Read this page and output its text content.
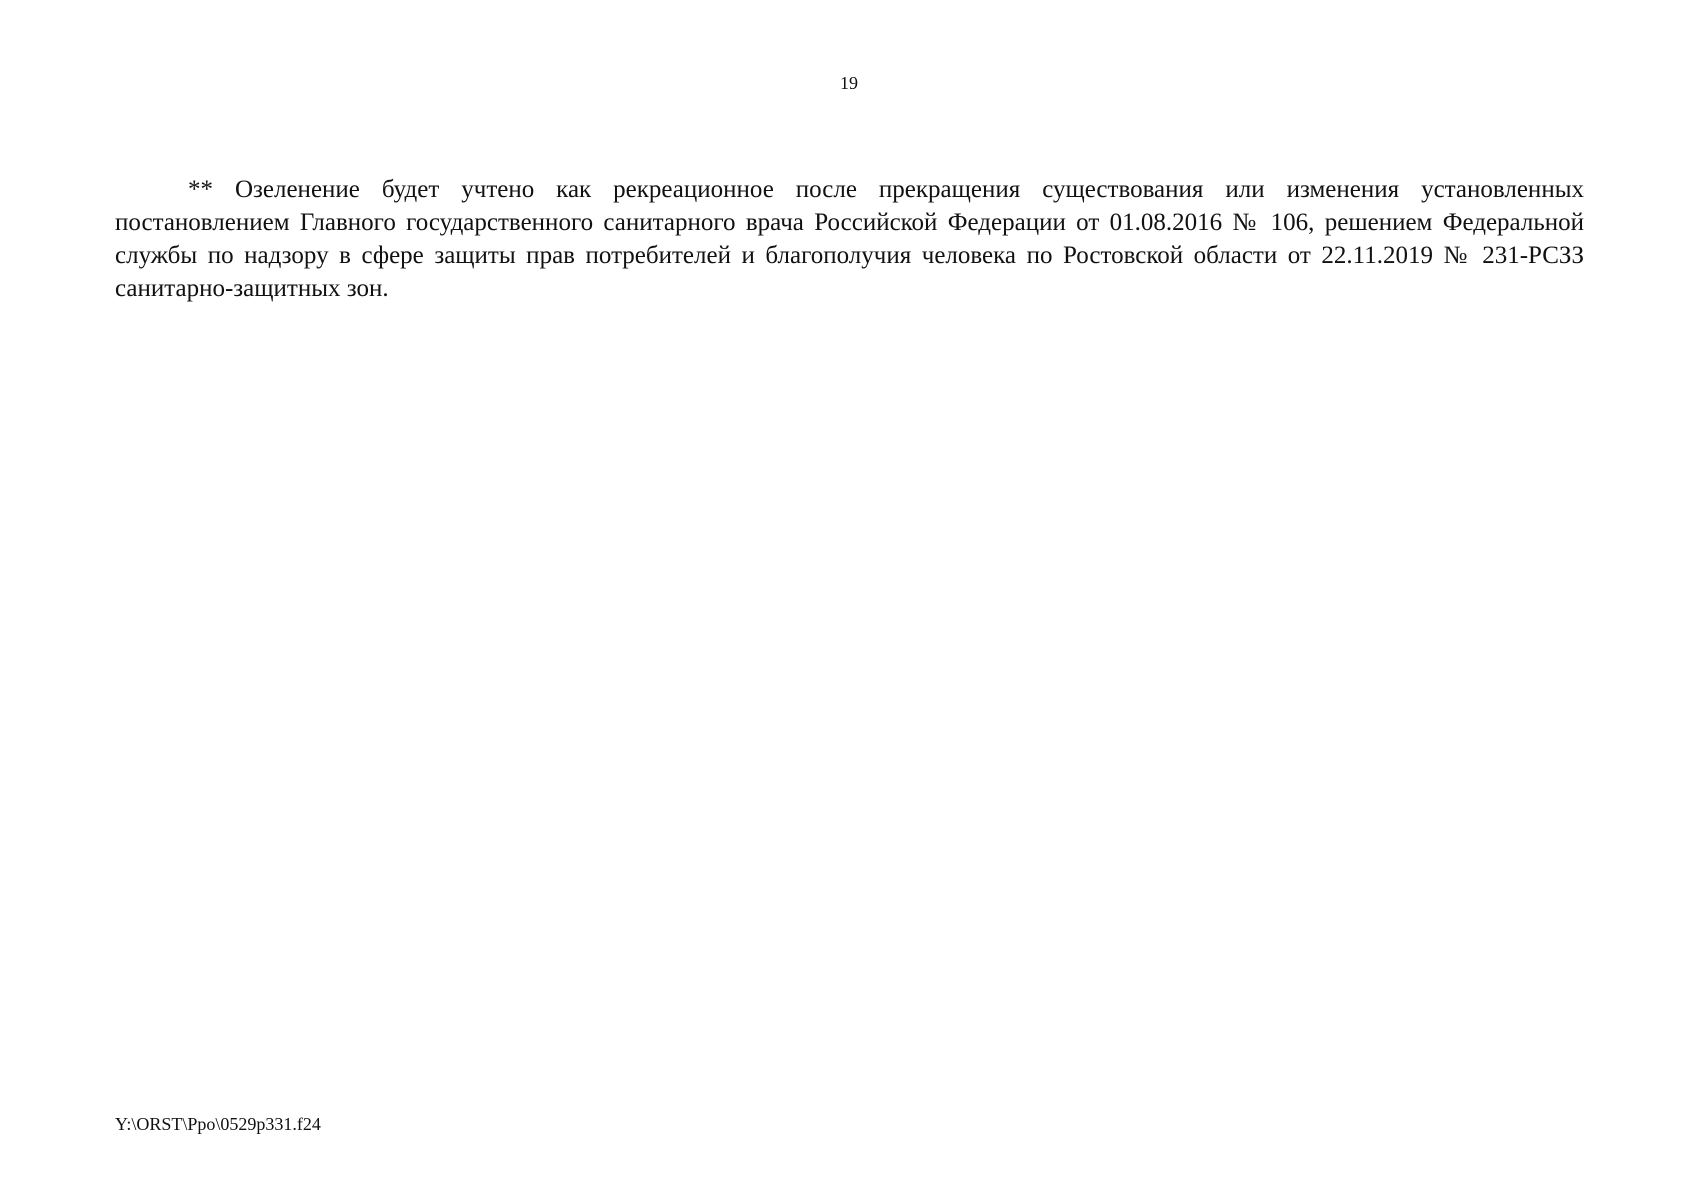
19

** Озеленение будет учтено как рекреационное после прекращения существования или изменения установленных постановлением Главного государственного санитарного врача Российской Федерации от 01.08.2016 № 106, решением Федеральной службы по надзору в сфере защиты прав потребителей и благополучия человека по Ростовской области от 22.11.2019 № 231-РСЗЗ санитарно-защитных зон.

Y:\ORST\Ppo\0529p331.f24
